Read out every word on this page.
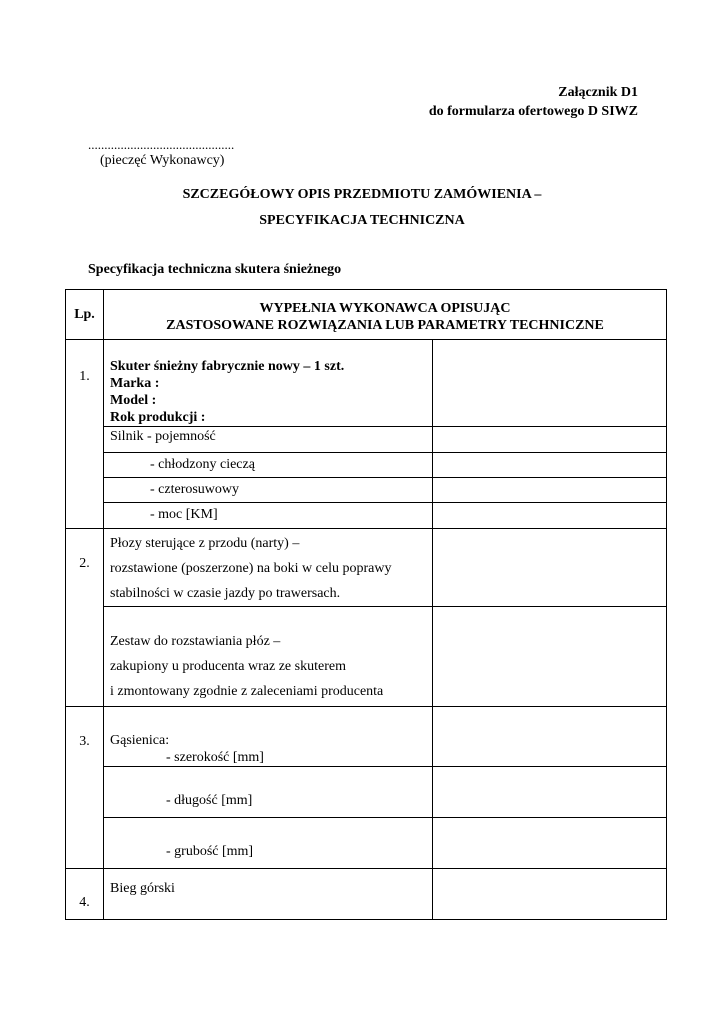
Załącznik D1
do formularza ofertowego D SIWZ
.............................................
(pieczęć Wykonawcy)
SZCZEGÓŁOWY OPIS PRZEDMIOTU ZAMÓWIENIA –
SPECYFIKACJA TECHNICZNA
Specyfikacja techniczna skutera śnieżnego
Lp.	WYPEŁNIA WYKONAWCA OPISUJĄC
ZASTOSOWANE ROZWIĄZANIA LUB PARAMETRY TECHNICZNE	

1.	Skuter śnieżny fabrycznie nowy – 1 szt.
Marka :
Model :
Rok produkcji :	

	Silnik - pojemność	

	- chłodzony cieczą	

	- czterosuwowy	

	- moc [KM]	

2.	Płozy sterujące z przodu (narty) –
rozstawione (poszerzone) na boki w celu poprawy
stabilności w czasie jazdy po trawersach.	

	Zestaw do rozstawiania płóz –
zakupiony u producenta wraz ze skuterem
i zmontowany zgodnie z zaleceniami producenta	

3.	Gąsienica:
- szerokość [mm]	

	- długość [mm]	

	- grubość [mm]	

4.	Bieg górski	
